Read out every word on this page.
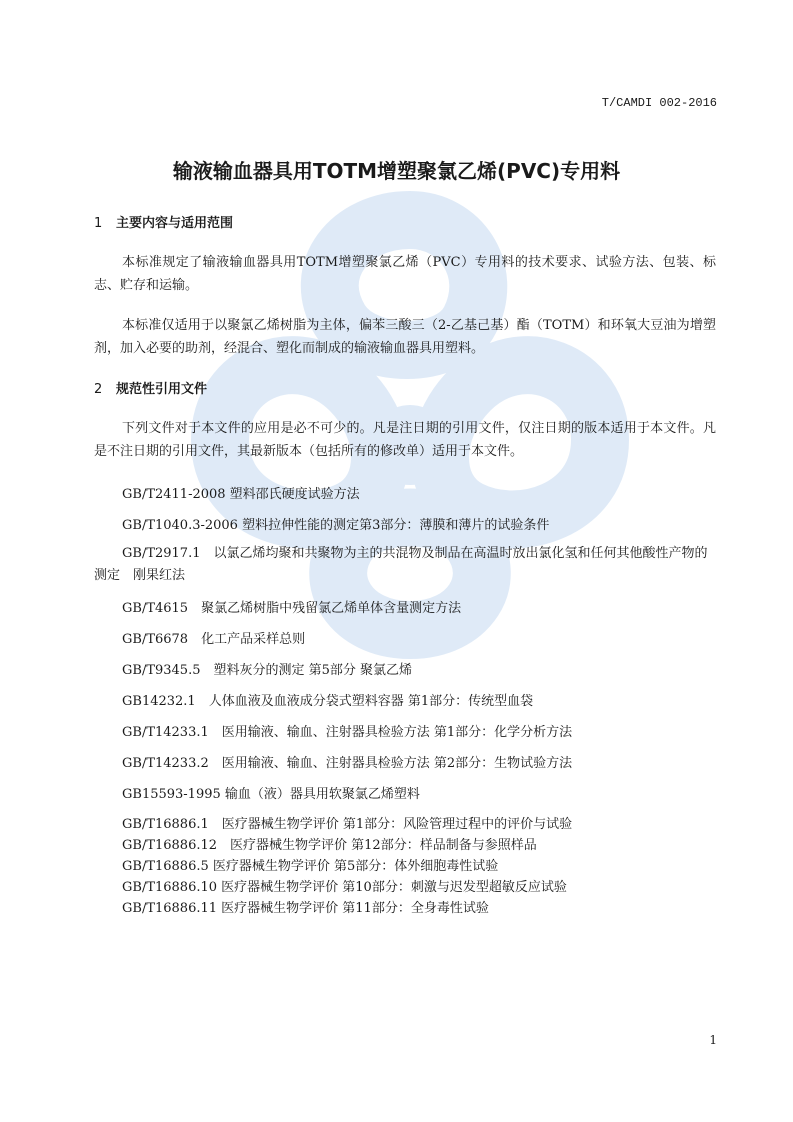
T/CAMDI 002-2016
输液输血器具用TOTM增塑聚氯乙烯(PVC)专用料
1 主要内容与适用范围
本标准规定了输液输血器具用TOTM增塑聚氯乙烯（PVC）专用料的技术要求、试验方法、包装、标志、贮存和运输。
本标准仅适用于以聚氯乙烯树脂为主体，偏苯三酸三（2-乙基己基）酯（TOTM）和环氧大豆油为增塑剂，加入必要的助剂，经混合、塑化而制成的输液输血器具用塑料。
2 规范性引用文件
下列文件对于本文件的应用是必不可少的。凡是注日期的引用文件，仅注日期的版本适用于本文件。凡是不注日期的引用文件，其最新版本（包括所有的修改单）适用于本文件。
GB/T2411-2008 塑料邵氏硬度试验方法
GB/T1040.3-2006 塑料拉伸性能的测定第3部分：薄膜和薄片的试验条件
GB/T2917.1　以氯乙烯均聚和共聚物为主的共混物及制品在高温时放出氯化氢和任何其他酸性产物的测定　刚果红法
GB/T4615　聚氯乙烯树脂中残留氯乙烯单体含量测定方法
GB/T6678　化工产品采样总则
GB/T9345.5　塑料灰分的测定 第5部分 聚氯乙烯
GB14232.1　人体血液及血液成分袋式塑料容器 第1部分：传统型血袋
GB/T14233.1　医用输液、输血、注射器具检验方法 第1部分：化学分析方法
GB/T14233.2　医用输液、输血、注射器具检验方法 第2部分：生物试验方法
GB15593-1995 输血（液）器具用软聚氯乙烯塑料
GB/T16886.1　医疗器械生物学评价 第1部分：风险管理过程中的评价与试验
GB/T16886.12　医疗器械生物学评价 第12部分：样品制备与参照样品
GB/T16886.5 医疗器械生物学评价 第5部分：体外细胞毒性试验
GB/T16886.10 医疗器械生物学评价 第10部分：刺激与迟发型超敏反应试验
GB/T16886.11 医疗器械生物学评价 第11部分：全身毒性试验
1
